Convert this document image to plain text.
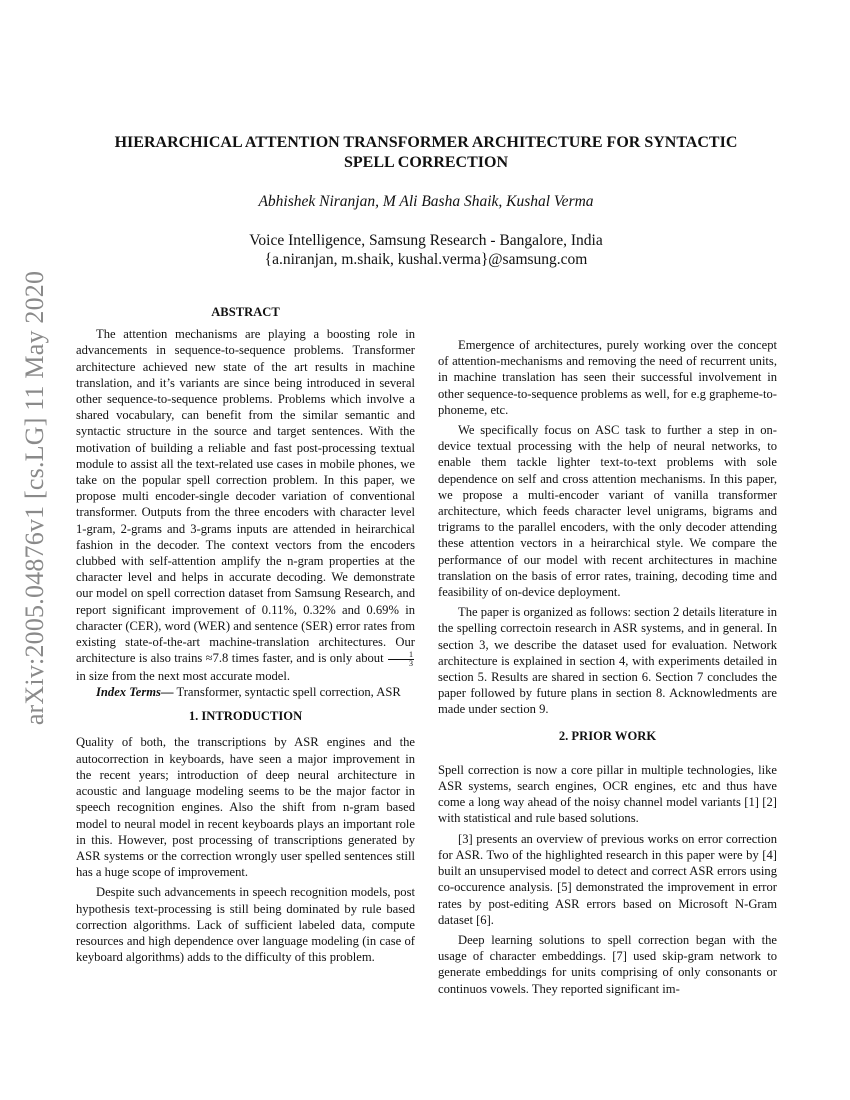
arXiv:2005.04876v1 [cs.LG] 11 May 2020
HIERARCHICAL ATTENTION TRANSFORMER ARCHITECTURE FOR SYNTACTIC
SPELL CORRECTION

Abhishek Niranjan, M Ali Basha Shaik, Kushal Verma

Voice Intelligence, Samsung Research - Bangalore, India
{a.niranjan, m.shaik, kushal.verma}@samsung.com
ABSTRACT

The attention mechanisms are playing a boosting role in advancements in sequence-to-sequence problems. Transformer architecture achieved new state of the art results in machine translation, and it’s variants are since being introduced in several other sequence-to-sequence problems. Problems which involve a shared vocabulary, can benefit from the similar semantic and syntactic structure in the source and target sentences. With the motivation of building a reliable and fast post-processing textual module to assist all the text-related use cases in mobile phones, we take on the popular spell correction problem. In this paper, we propose multi encoder-single decoder variation of conventional transformer. Outputs from the three encoders with character level 1-gram, 2-grams and 3-grams inputs are attended in heirarchical fashion in the decoder. The context vectors from the encoders clubbed with self-attention amplify the n-gram properties at the character level and helps in accurate decoding. We demonstrate our model on spell correction dataset from Samsung Research, and report significant improvement of 0.11%, 0.32% and 0.69% in character (CER), word (WER) and sentence (SER) error rates from existing state-of-the-art machine-translation architectures. Our architecture is also trains ≈7.8 times faster, and is only about $\frac{1}{3}$
in size from the next most accurate model.

Index Terms— Transformer, syntactic spell correction, ASR

1. INTRODUCTION

Quality of both, the transcriptions by ASR engines and the autocorrection in keyboards, have seen a major improvement in the recent years; introduction of deep neural architecture in acoustic and language modeling seems to be the major factor in speech recognition engines. Also the shift from n-gram based model to neural model in recent keyboards plays an important role in this. However, post processing of transcriptions generated by ASR systems or the correction wrongly user spelled sentences still has a huge scope of improvement.

Despite such advancements in speech recognition models, post hypothesis text-processing is still being dominated by rule based correction algorithms. Lack of sufficient labeled data, compute resources and high dependence over language modeling (in case of keyboard algorithms) adds to the difficulty of this problem.

Emergence of architectures, purely working over the concept of attention-mechanisms and removing the need of recurrent units, in machine translation has seen their successful involvement in other sequence-to-sequence problems as well, for e.g grapheme-to-phoneme, etc.

We specifically focus on ASC task to further a step in on-device textual processing with the help of neural networks, to enable them tackle lighter text-to-text problems with sole dependence on self and cross attention mechanisms. In this paper, we propose a multi-encoder variant of vanilla transformer architecture, which feeds character level unigrams, bigrams and trigrams to the parallel encoders, with the only decoder attending these attention vectors in a heirarchical style. We compare the performance of our model with recent architectures in machine translation on the basis of error rates, training, decoding time and feasibility of on-device deployment.

The paper is organized as follows: section 2 details literature in the spelling correctoin research in ASR systems, and in general. In section 3, we describe the dataset used for evaluation. Network architecture is explained in section 4, with experiments detailed in section 5. Results are shared in section 6. Section 7 concludes the paper followed by future plans in section 8. Acknowledments are made under section 9.

2. PRIOR WORK

Spell correction is now a core pillar in multiple technologies, like ASR systems, search engines, OCR engines, etc and thus have come a long way ahead of the noisy channel model variants [1] [2] with statistical and rule based solutions.

[3] presents an overview of previous works on error correction for ASR. Two of the highlighted research in this paper were by [4] built an unsupervised model to detect and correct ASR errors using co-occurence analysis. [5] demonstrated the improvement in error rates by post-editing ASR errors based on Microsoft N-Gram dataset [6].

Deep learning solutions to spell correction began with the usage of character embeddings. [7] used skip-gram network to generate embeddings for units comprising of only consonants or continuos vowels. They reported significant im-
